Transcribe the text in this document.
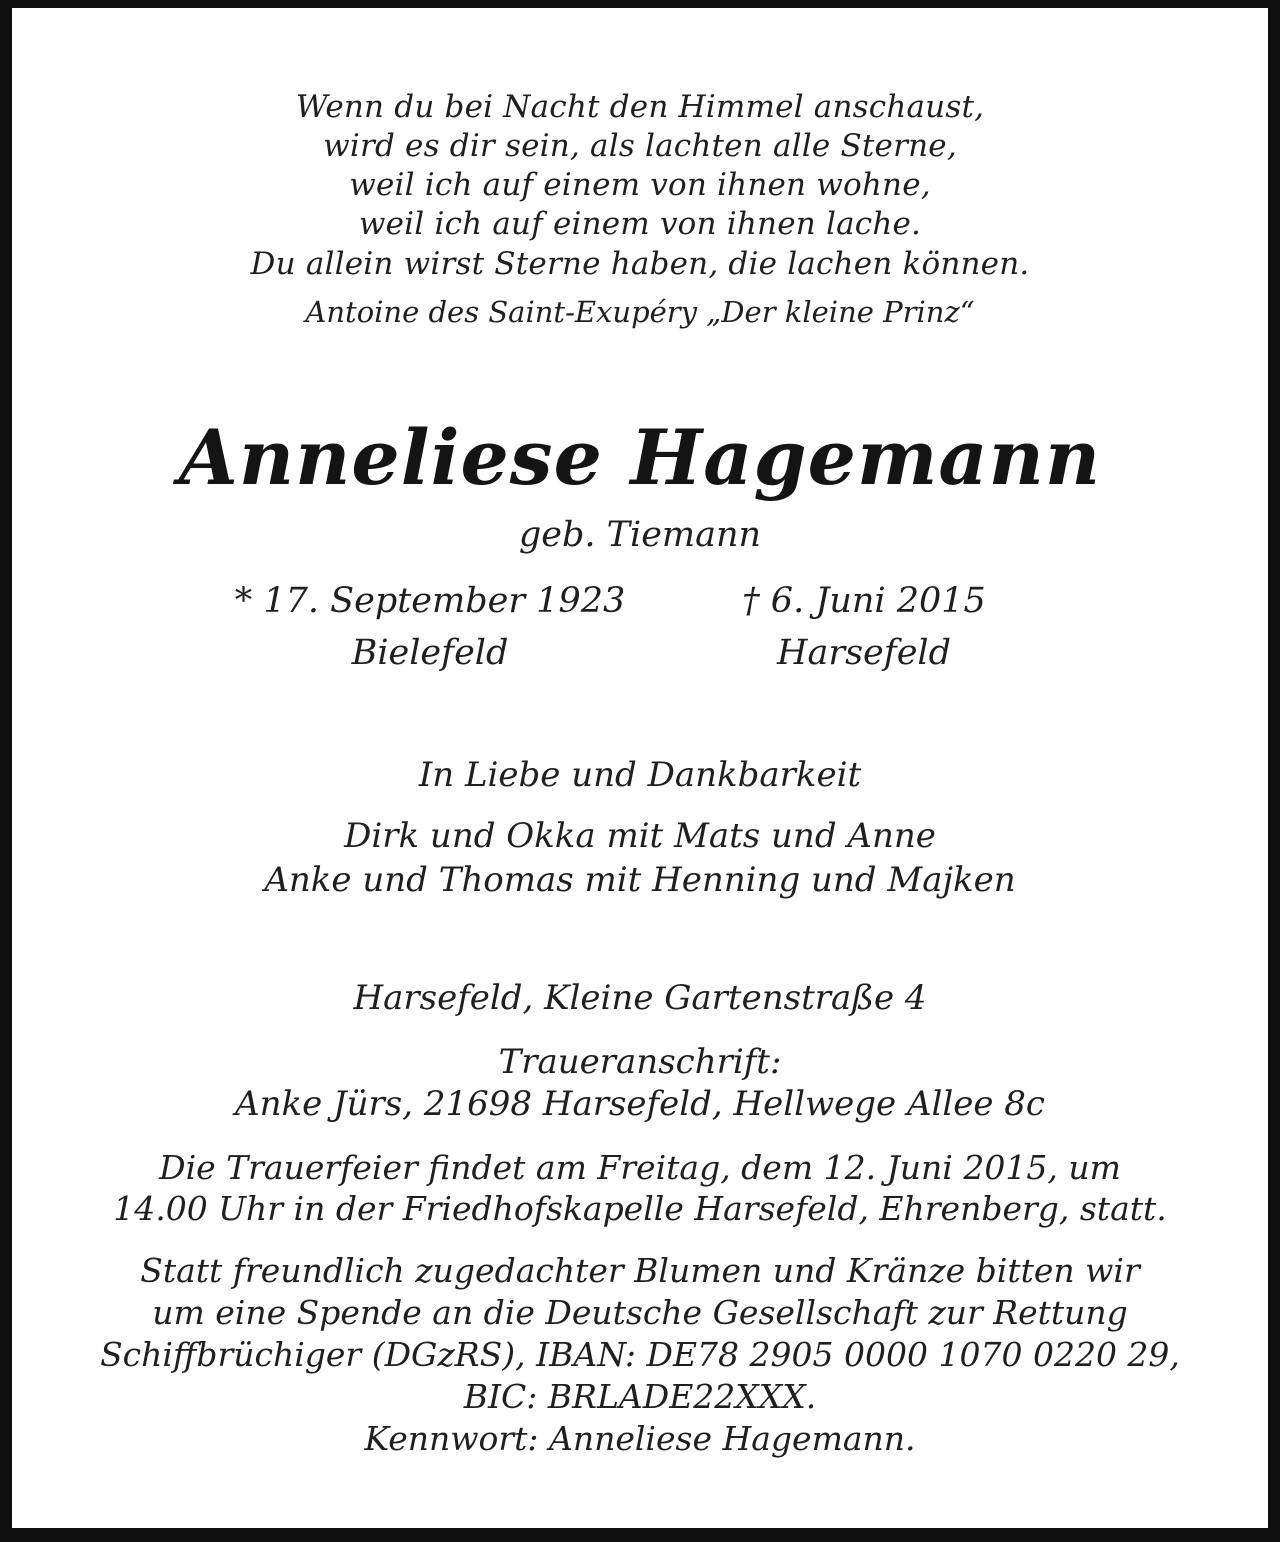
Wenn du bei Nacht den Himmel anschaust,
wird es dir sein, als lachten alle Sterne,
weil ich auf einem von ihnen wohne,
weil ich auf einem von ihnen lache.
Du allein wirst Sterne haben, die lachen können.
Antoine des Saint-Exupéry „Der kleine Prinz“
Anneliese Hagemann
geb. Tiemann
* 17. September 1923	† 6. Juni 2015
Bielefeld	Harsefeld
In Liebe und Dankbarkeit
Dirk und Okka mit Mats und Anne
Anke und Thomas mit Henning und Majken
Harsefeld, Kleine Gartenstraße 4
Traueranschrift:
Anke Jürs, 21698 Harsefeld, Hellwege Allee 8c
Die Trauerfeier findet am Freitag, dem 12. Juni 2015, um
14.00 Uhr in der Friedhofskapelle Harsefeld, Ehrenberg, statt.
Statt freundlich zugedachter Blumen und Kränze bitten wir
um eine Spende an die Deutsche Gesellschaft zur Rettung
Schiffbrüchiger (DGzRS), IBAN: DE78 2905 0000 1070 0220 29,
BIC: BRLADE22XXX.
Kennwort: Anneliese Hagemann.
